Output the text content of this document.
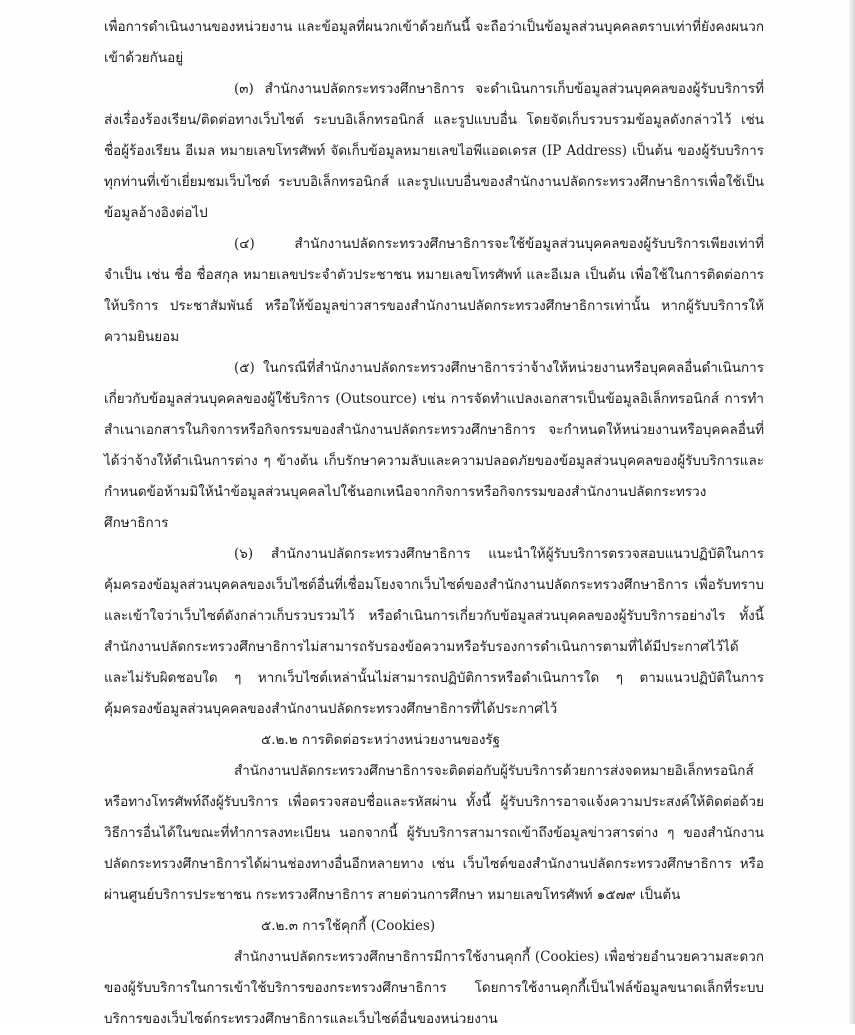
เพื่อการดำเนินงานของหน่วยงาน และข้อมูลที่ผนวกเข้าด้วยกันนี้ จะถือว่าเป็นข้อมูลส่วนบุคคลตราบเท่าที่ยังคงผนวกเข้าด้วยกันอยู่

(๓) สำนักงานปลัดกระทรวงศึกษาธิการ จะดำเนินการเก็บข้อมูลส่วนบุคคลของผู้รับบริการที่ส่งเรื่องร้องเรียน/ติดต่อทางเว็บไซต์ ระบบอิเล็กทรอนิกส์ และรูปแบบอื่น โดยจัดเก็บรวบรวมข้อมูลดังกล่าวไว้ เช่น ชื่อผู้ร้องเรียน อีเมล หมายเลขโทรศัพท์ จัดเก็บข้อมูลหมายเลขไอพีแอดเดรส (IP Address) เป็นต้น ของผู้รับบริการทุกท่านที่เข้าเยี่ยมชมเว็บไซต์ ระบบอิเล็กทรอนิกส์ และรูปแบบอื่นของสำนักงานปลัดกระทรวงศึกษาธิการเพื่อใช้เป็นข้อมูลอ้างอิงต่อไป

(๔) สำนักงานปลัดกระทรวงศึกษาธิการจะใช้ข้อมูลส่วนบุคคลของผู้รับบริการเพียงเท่าที่จำเป็น เช่น ชื่อ ชื่อสกุล หมายเลขประจำตัวประชาชน หมายเลขโทรศัพท์ และอีเมล เป็นต้น เพื่อใช้ในการติดต่อการให้บริการ ประชาสัมพันธ์ หรือให้ข้อมูลข่าวสารของสำนักงานปลัดกระทรวงศึกษาธิการเท่านั้น หากผู้รับบริการให้ความยินยอม

(๕) ในกรณีที่สำนักงานปลัดกระทรวงศึกษาธิการว่าจ้างให้หน่วยงานหรือบุคคลอื่นดำเนินการเกี่ยวกับข้อมูลส่วนบุคคลของผู้ใช้บริการ (Outsource) เช่น การจัดทำแปลงเอกสารเป็นข้อมูลอิเล็กทรอนิกส์ การทำสำเนาเอกสารในกิจการหรือกิจกรรมของสำนักงานปลัดกระทรวงศึกษาธิการ จะกำหนดให้หน่วยงานหรือบุคคลอื่นที่ได้ว่าจ้างให้ดำเนินการต่าง ๆ ข้างต้น เก็บรักษาความลับและความปลอดภัยของข้อมูลส่วนบุคคลของผู้รับบริการและกำหนดข้อห้ามมิให้นำข้อมูลส่วนบุคคลไปใช้นอกเหนือจากกิจการหรือกิจกรรมของสำนักงานปลัดกระทรวงศึกษาธิการ

(๖) สำนักงานปลัดกระทรวงศึกษาธิการ แนะนำให้ผู้รับบริการตรวจสอบแนวปฏิบัติในการคุ้มครองข้อมูลส่วนบุคคลของเว็บไซต์อื่นที่เชื่อมโยงจากเว็บไซต์ของสำนักงานปลัดกระทรวงศึกษาธิการ เพื่อรับทราบและเข้าใจว่าเว็บไซต์ดังกล่าวเก็บรวบรวมไว้ หรือดำเนินการเกี่ยวกับข้อมูลส่วนบุคคลของผู้รับบริการอย่างไร ทั้งนี้ สำนักงานปลัดกระทรวงศึกษาธิการไม่สามารถรับรองข้อความหรือรับรองการดำเนินการตามที่ได้มีประกาศไว้ได้ และไม่รับผิดชอบใด ๆ หากเว็บไซต์เหล่านั้นไม่สามารถปฏิบัติการหรือดำเนินการใด ๆ ตามแนวปฏิบัติในการคุ้มครองข้อมูลส่วนบุคคลของสำนักงานปลัดกระทรวงศึกษาธิการที่ได้ประกาศไว้

๕.๒.๒ การติดต่อระหว่างหน่วยงานของรัฐ

สำนักงานปลัดกระทรวงศึกษาธิการจะติดต่อกับผู้รับบริการด้วยการส่งจดหมายอิเล็กทรอนิกส์หรือทางโทรศัพท์ถึงผู้รับบริการ เพื่อตรวจสอบชื่อและรหัสผ่าน ทั้งนี้ ผู้รับบริการอาจแจ้งความประสงค์ให้ติดต่อด้วยวิธีการอื่นได้ในขณะที่ทำการลงทะเบียน นอกจากนี้ ผู้รับบริการสามารถเข้าถึงข้อมูลข่าวสารต่าง ๆ ของสำนักงานปลัดกระทรวงศึกษาธิการได้ผ่านช่องทางอื่นอีกหลายทาง เช่น เว็บไซต์ของสำนักงานปลัดกระทรวงศึกษาธิการ หรือผ่านศูนย์บริการประชาชน กระทรวงศึกษาธิการ สายด่วนการศึกษา หมายเลขโทรศัพท์ ๑๕๗๙ เป็นต้น

๕.๒.๓ การใช้คุกกี้ (Cookies)

สำนักงานปลัดกระทรวงศึกษาธิการมีการใช้งานคุกกี้ (Cookies) เพื่อช่วยอำนวยความสะดวกของผู้รับบริการในการเข้าใช้บริการของกระทรวงศึกษาธิการ โดยการใช้งานคุกกี้เป็นไฟล์ข้อมูลขนาดเล็กที่ระบบบริการของเว็บไซต์กระทรวงศึกษาธิการและเว็บไซต์อื่นของหน่วยงาน
